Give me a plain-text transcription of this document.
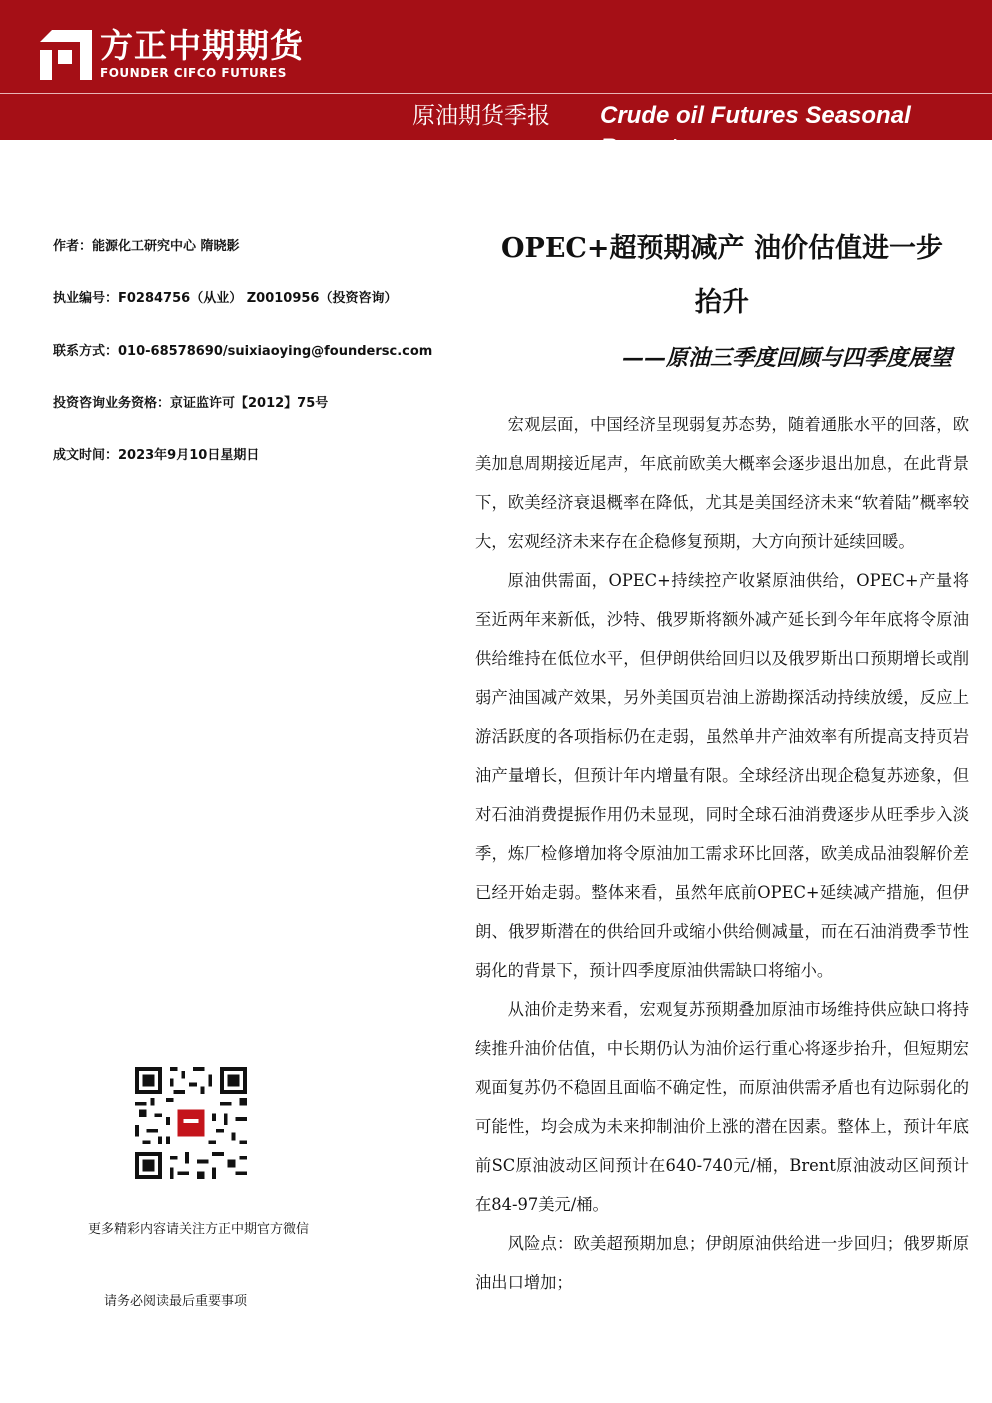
方正中期期货
FOUNDER CIFCO FUTURES
原油期货季报 Crude oil Futures Seasonal Report
作者：能源化工研究中心 隋晓影
执业编号：F0284756（从业） Z0010956（投资咨询）
联系方式：010-68578690/suixiaoying@foundersc.com
投资咨询业务资格：京证监许可【2012】75号
成文时间：2023年9月10日星期日
OPEC+超预期减产 油价估值进一步
抬升
——原油三季度回顾与四季度展望

宏观层面，中国经济呈现弱复苏态势，随着通胀水平的回落，欧美加息周期接近尾声，年底前欧美大概率会逐步退出加息，在此背景下，欧美经济衰退概率在降低，尤其是美国经济未来“软着陆”概率较大，宏观经济未来存在企稳修复预期，大方向预计延续回暖。

原油供需面，OPEC+持续控产收紧原油供给，OPEC+产量将至近两年来新低，沙特、俄罗斯将额外减产延长到今年年底将令原油供给维持在低位水平，但伊朗供给回归以及俄罗斯出口预期增长或削弱产油国减产效果，另外美国页岩油上游勘探活动持续放缓，反应上游活跃度的各项指标仍在走弱，虽然单井产油效率有所提高支持页岩油产量增长，但预计年内增量有限。全球经济出现企稳复苏迹象，但对石油消费提振作用仍未显现，同时全球石油消费逐步从旺季步入淡季，炼厂检修增加将令原油加工需求环比回落，欧美成品油裂解价差已经开始走弱。整体来看，虽然年底前OPEC+延续减产措施，但伊朗、俄罗斯潜在的供给回升或缩小供给侧减量，而在石油消费季节性弱化的背景下，预计四季度原油供需缺口将缩小。

从油价走势来看，宏观复苏预期叠加原油市场维持供应缺口将持续推升油价估值，中长期仍认为油价运行重心将逐步抬升，但短期宏观面复苏仍不稳固且面临不确定性，而原油供需矛盾也有边际弱化的可能性，均会成为未来抑制油价上涨的潜在因素。整体上，预计年底前SC原油波动区间预计在640-740元/桶，Brent原油波动区间预计在84-97美元/桶。

风险点：欧美超预期加息；伊朗原油供给进一步回归；俄罗斯原油出口增加；

更多精彩内容请关注方正中期官方微信
请务必阅读最后重要事项
